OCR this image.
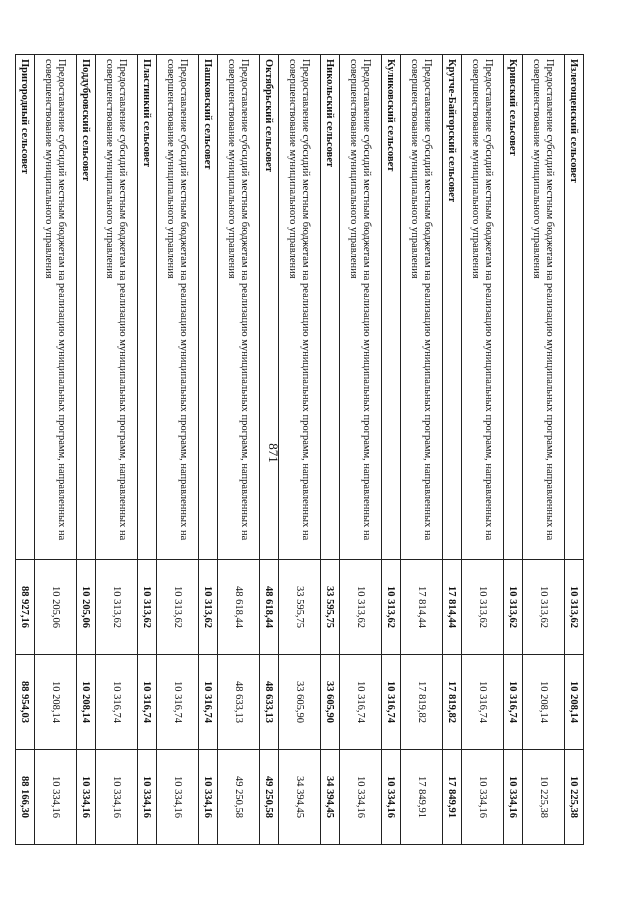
871
Излегощенский сельсовет	10 313,62	10 208,14	10 225,38
Предоставление субсидий местным бюджетам на реализацию муниципальных программ, направленных на совершенствование муниципального управления	10 313,62	10 208,14	10 225,38
Кривский сельсовет	10 313,62	10 316,74	10 334,16
Предоставление субсидий местным бюджетам на реализацию муниципальных программ, направленных на совершенствование муниципального управления	10 313,62	10 316,74	10 334,16
Крутче-Байгорский сельсовет	17 814,44	17 819,82	17 849,91
Предоставление субсидий местным бюджетам на реализацию муниципальных программ, направленных на совершенствование муниципального управления	17 814,44	17 819,82	17 849,91
Куликовский сельсовет	10 313,62	10 316,74	10 334,16
Предоставление субсидий местным бюджетам на реализацию муниципальных программ, направленных на совершенствование муниципального управления	10 313,62	10 316,74	10 334,16
Никольский сельсовет	33 595,75	33 605,90	34 394,45
Предоставление субсидий местным бюджетам на реализацию муниципальных программ, направленных на совершенствование муниципального управления	33 595,75	33 605,90	34 394,45
Октябрьский сельсовет	48 618,44	48 633,13	49 250,58
Предоставление субсидий местным бюджетам на реализацию муниципальных программ, направленных на совершенствование муниципального управления	48 618,44	48 633,13	49 250,58
Пашковский сельсовет	10 313,62	10 316,74	10 334,16
Предоставление субсидий местным бюджетам на реализацию муниципальных программ, направленных на совершенствование муниципального управления	10 313,62	10 316,74	10 334,16
Пластинкий сельсовет	10 313,62	10 316,74	10 334,16
Предоставление субсидий местным бюджетам на реализацию муниципальных программ, направленных на совершенствование муниципального управления	10 313,62	10 316,74	10 334,16
Поддубровский сельсовет	10 205,06	10 208,14	10 334,16
Предоставление субсидий местным бюджетам на реализацию муниципальных программ, направленных на совершенствование муниципального управления	10 205,06	10 208,14	10 334,16
Пригородный сельсовет	88 927,16	88 954,03	88 166,30
